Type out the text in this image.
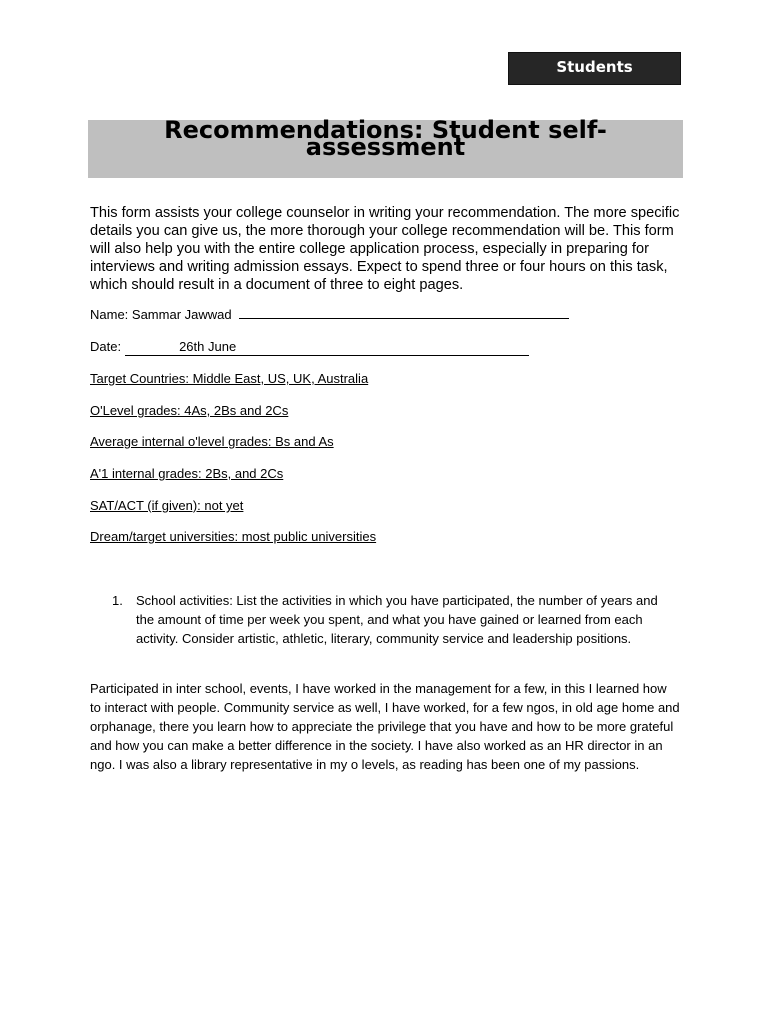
Students
Recommendations: Student self-assessment

This form assists your college counselor in writing your recommendation. The more specific details you can give us, the more thorough your college recommendation will be. This form will also help you with the entire college application process, especially in preparing for interviews and writing admission essays. Expect to spend three or four hours on this task, which should result in a document of three to eight pages.

Name: Sammar Jawwad
Date:	26th June

Target Countries: Middle East, US, UK, Australia
O'Level grades: 4As, 2Bs and 2Cs
Average internal o'level grades: Bs and As
A'1 internal grades: 2Bs, and 2Cs
SAT/ACT (if given): not yet
Dream/target universities: most public universities
1. School activities: List the activities in which you have participated, the number of years and the amount of time per week you spent, and what you have gained or learned from each activity. Consider artistic, athletic, literary, community service and leadership positions.

Participated in inter school, events, I have worked in the management for a few, in this I learned how to interact with people. Community service as well, I have worked, for a few ngos, in old age home and orphanage, there you learn how to appreciate the privilege that you have and how to be more grateful and how you can make a better difference in the society. I have also worked as an HR director in an ngo. I was also a library representative in my o levels, as reading has been one of my passions.
